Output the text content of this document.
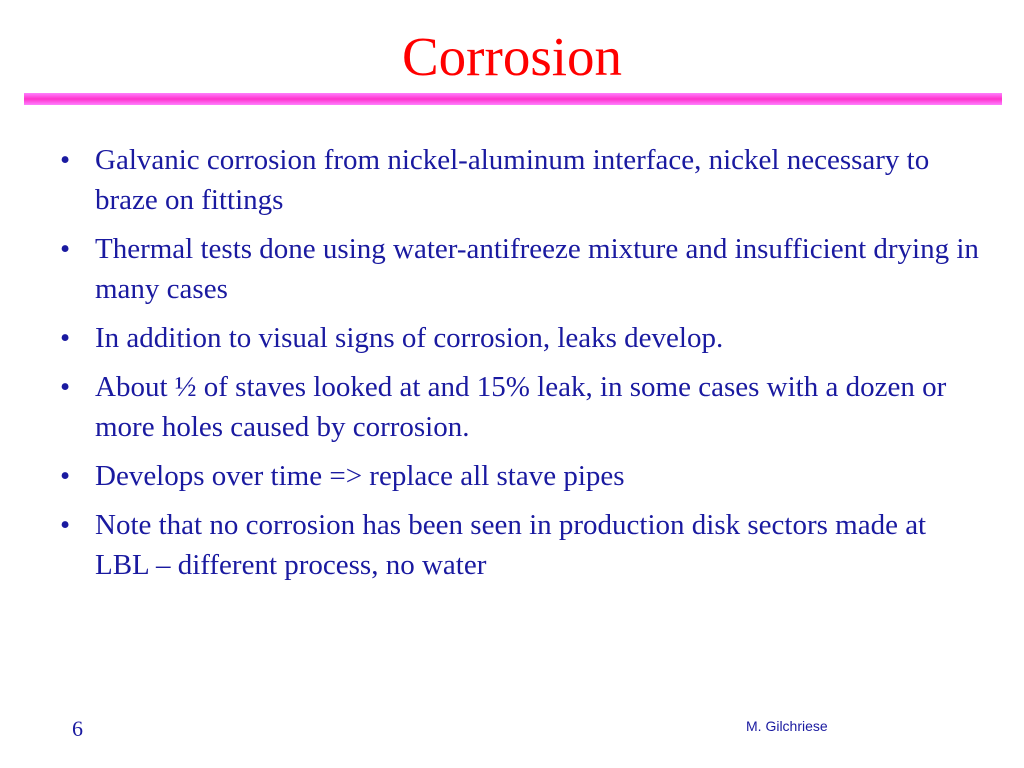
Corrosion
• Galvanic corrosion from nickel-aluminum interface, nickel necessary to braze on fittings
• Thermal tests done using water-antifreeze mixture and insufficient drying in many cases
• In addition to visual signs of corrosion, leaks develop.
• About ½ of staves looked at and 15% leak, in some cases with a dozen or more holes caused by corrosion.
• Develops over time => replace all stave pipes
• Note that no corrosion has been seen in production disk sectors made at LBL – different process, no water
6	M. Gilchriese
